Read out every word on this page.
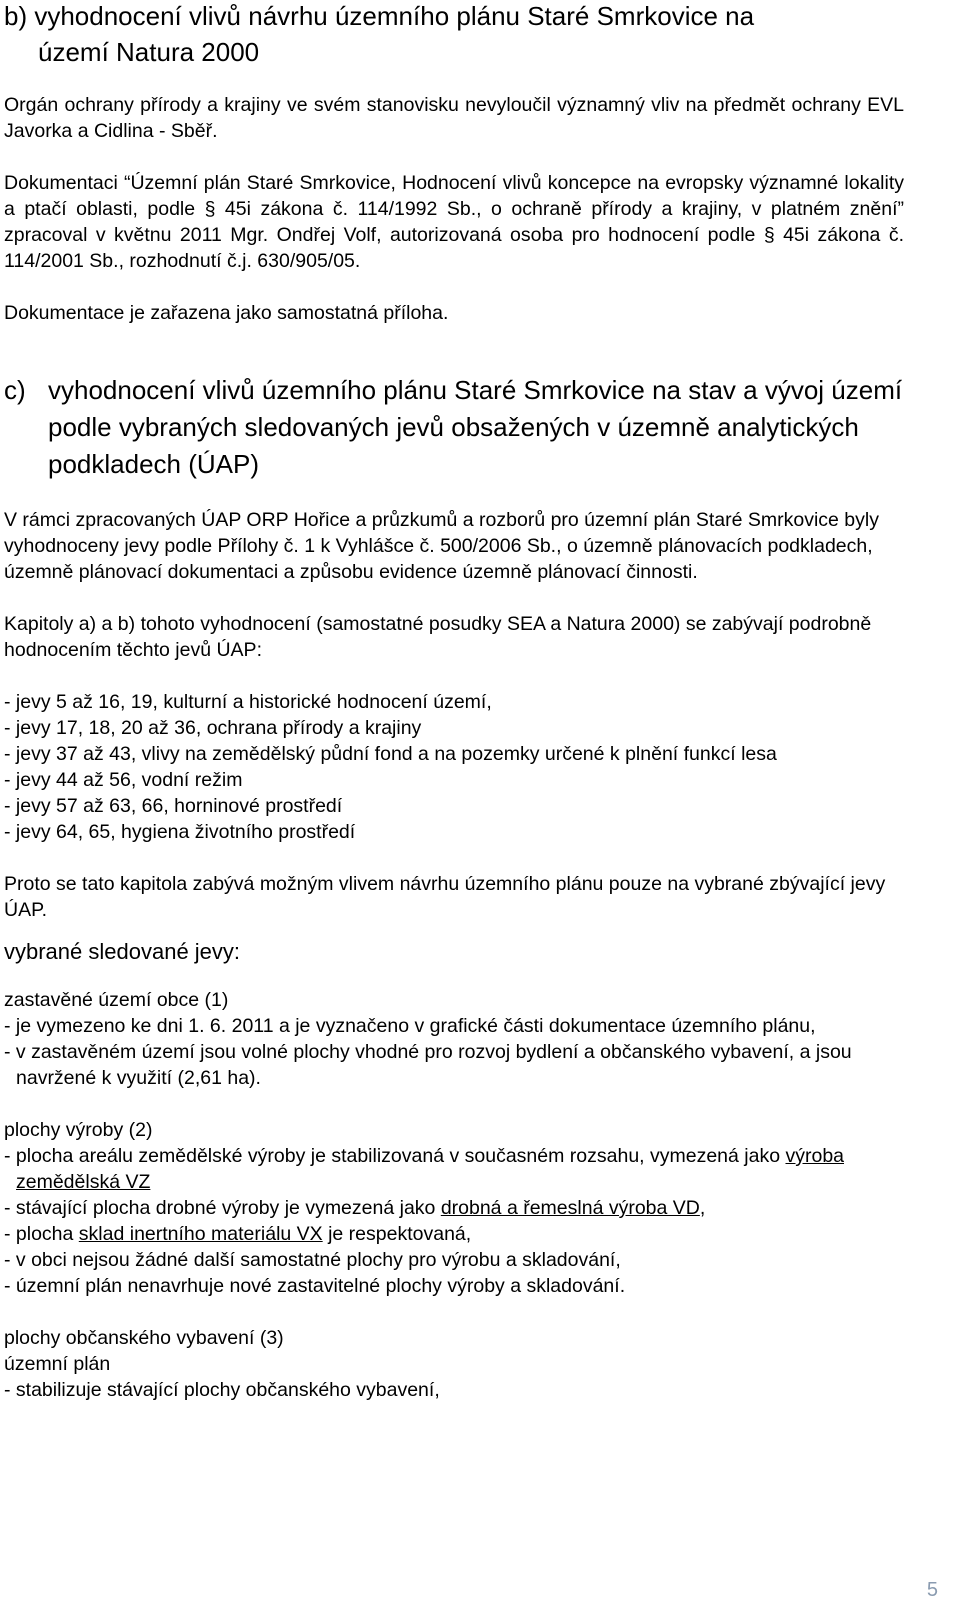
b) vyhodnocení vlivů návrhu územního plánu Staré Smrkovice na
území Natura 2000

Orgán ochrany přírody a krajiny ve svém stanovisku nevyloučil významný vliv na předmět ochrany EVL Javorka a Cidlina - Sběř.

Dokumentaci “Územní plán Staré Smrkovice, Hodnocení vlivů koncepce na evropsky významné lokality a ptačí oblasti, podle § 45i zákona č. 114/1992 Sb., o ochraně přírody a krajiny, v platném znění” zpracoval v květnu 2011 Mgr. Ondřej Volf, autorizovaná osoba pro hodnocení podle § 45i zákona č. 114/2001 Sb., rozhodnutí č.j. 630/905/05.

Dokumentace je zařazena jako samostatná příloha.

c) vyhodnocení vlivů územního plánu Staré Smrkovice na stav a vývoj území podle vybraných sledovaných jevů obsažených v územně analytických podkladech (ÚAP)

V rámci zpracovaných ÚAP ORP Hořice a průzkumů a rozborů pro územní plán Staré Smrkovice byly vyhodnoceny jevy podle Přílohy č. 1 k Vyhlášce č. 500/2006 Sb., o územně plánovacích podkladech, územně plánovací dokumentaci a způsobu evidence územně plánovací činnosti.

Kapitoly a) a b) tohoto vyhodnocení (samostatné posudky SEA a Natura 2000) se zabývají podrobně hodnocením těchto jevů ÚAP:

- jevy 5 až 16, 19, kulturní a historické hodnocení území,
- jevy 17, 18, 20 až 36, ochrana přírody a krajiny
- jevy 37 až 43, vlivy na zemědělský půdní fond a na pozemky určené k plnění funkcí lesa
- jevy 44 až 56, vodní režim
- jevy 57 až 63, 66, horninové prostředí
- jevy 64, 65, hygiena životního prostředí

Proto se tato kapitola zabývá možným vlivem návrhu územního plánu pouze na vybrané zbývající jevy ÚAP.

vybrané sledované jevy:

zastavěné území obce (1)

- je vymezeno ke dni 1. 6. 2011 a je vyznačeno v grafické části dokumentace územního plánu,
- v zastavěném území jsou volné plochy vhodné pro rozvoj bydlení a občanského vybavení, a jsou navržené k využití (2,61 ha).

plochy výroby (2)

- plocha areálu zemědělské výroby je stabilizovaná v současném rozsahu, vymezená jako výroba zemědělská VZ
- stávající plocha drobné výroby je vymezená jako drobná a řemeslná výroba VD,
- plocha sklad inertního materiálu VX je respektovaná,
- v obci nejsou žádné další samostatné plochy pro výrobu a skladování,
- územní plán nenavrhuje nové zastavitelné plochy výroby a skladování.

plochy občanského vybavení (3)

územní plán

- stabilizuje stávající plochy občanského vybavení,
5
